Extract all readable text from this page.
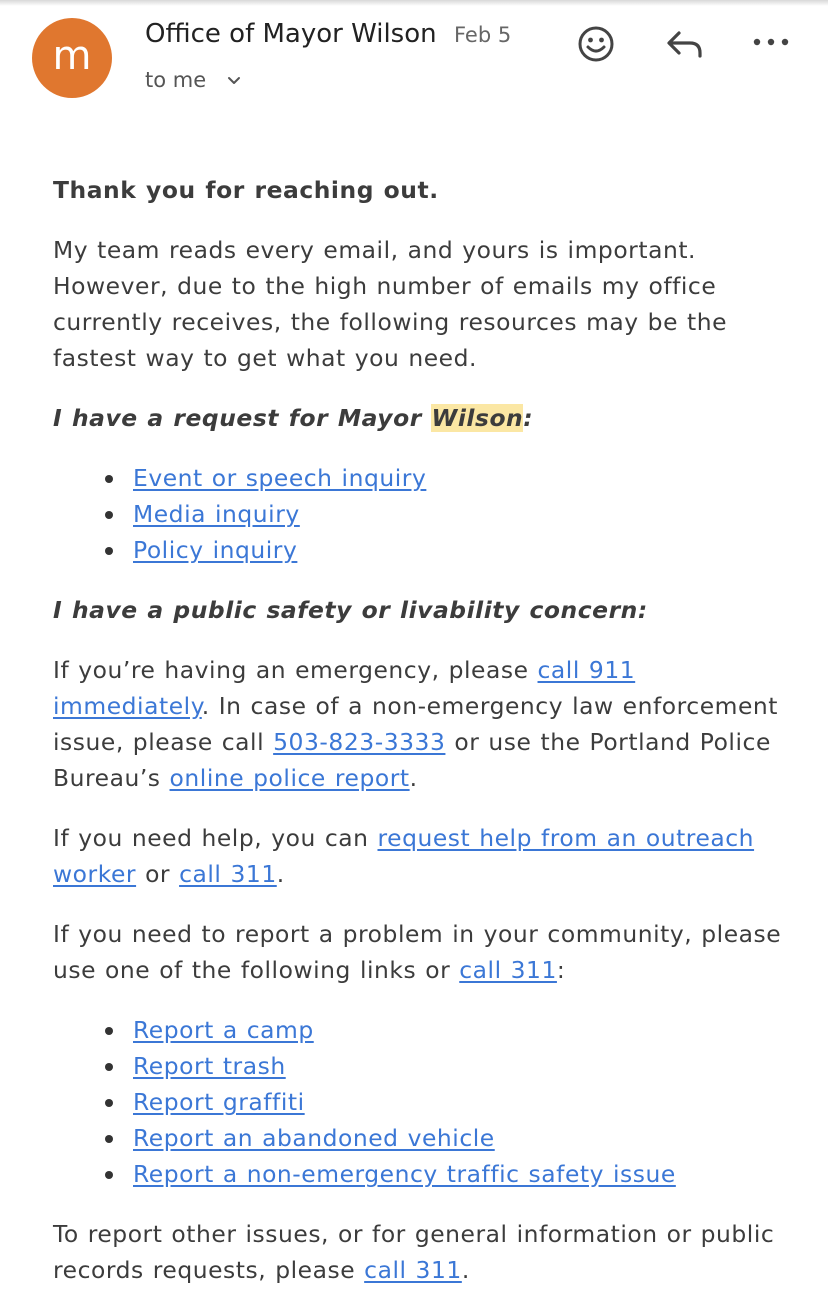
m	Office of Mayor Wilson Feb 5
to me

Thank you for reaching out.

My team reads every email, and yours is important. However, due to the high number of emails my office currently receives, the following resources may be the fastest way to get what you need.

I have a request for Mayor Wilson:

Event or speech inquiry
Media inquiry
Policy inquiry

I have a public safety or livability concern:

If you’re having an emergency, please call 911 immediately. In case of a non-emergency law enforcement issue, please call 503-823-3333 or use the Portland Police Bureau’s online police report.

If you need help, you can request help from an outreach worker or call 311.

If you need to report a problem in your community, please use one of the following links or call 311:

Report a camp
Report trash
Report graffiti
Report an abandoned vehicle
Report a non-emergency traffic safety issue

To report other issues, or for general information or public records requests, please call 311.
